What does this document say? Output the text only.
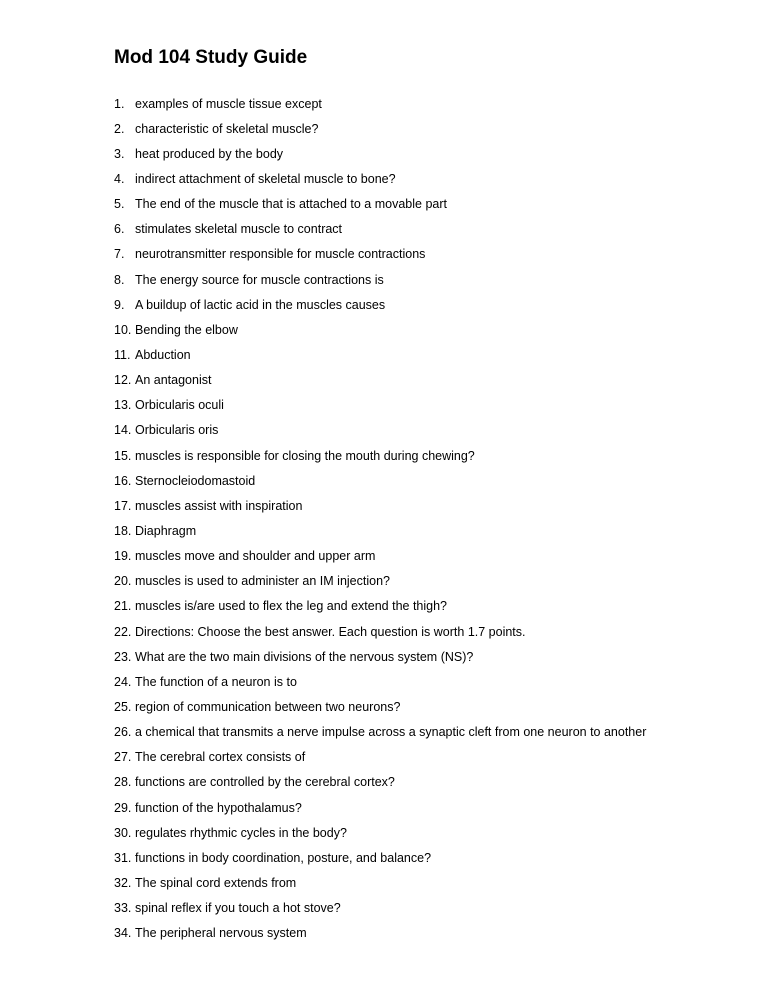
Mod 104 Study Guide
1. examples of muscle tissue except
2. characteristic of skeletal muscle?
3. heat produced by the body
4. indirect attachment of skeletal muscle to bone?
5. The end of the muscle that is attached to a movable part
6. stimulates skeletal muscle to contract
7. neurotransmitter responsible for muscle contractions
8. The energy source for muscle contractions is
9. A buildup of lactic acid in the muscles causes
10. Bending the elbow
11. Abduction
12. An antagonist
13. Orbicularis oculi
14. Orbicularis oris
15. muscles is responsible for closing the mouth during chewing?
16. Sternocleiodomastoid
17. muscles assist with inspiration
18. Diaphragm
19. muscles move and shoulder and upper arm
20. muscles is used to administer an IM injection?
21. muscles is/are used to flex the leg and extend the thigh?
22. Directions: Choose the best answer. Each question is worth 1.7 points.
23. What are the two main divisions of the nervous system (NS)?
24. The function of a neuron is to
25. region of communication between two neurons?
26. a chemical that transmits a nerve impulse across a synaptic cleft from one neuron to another
27. The cerebral cortex consists of
28. functions are controlled by the cerebral cortex?
29. function of the hypothalamus?
30. regulates rhythmic cycles in the body?
31. functions in body coordination, posture, and balance?
32. The spinal cord extends from
33. spinal reflex if you touch a hot stove?
34. The peripheral nervous system
